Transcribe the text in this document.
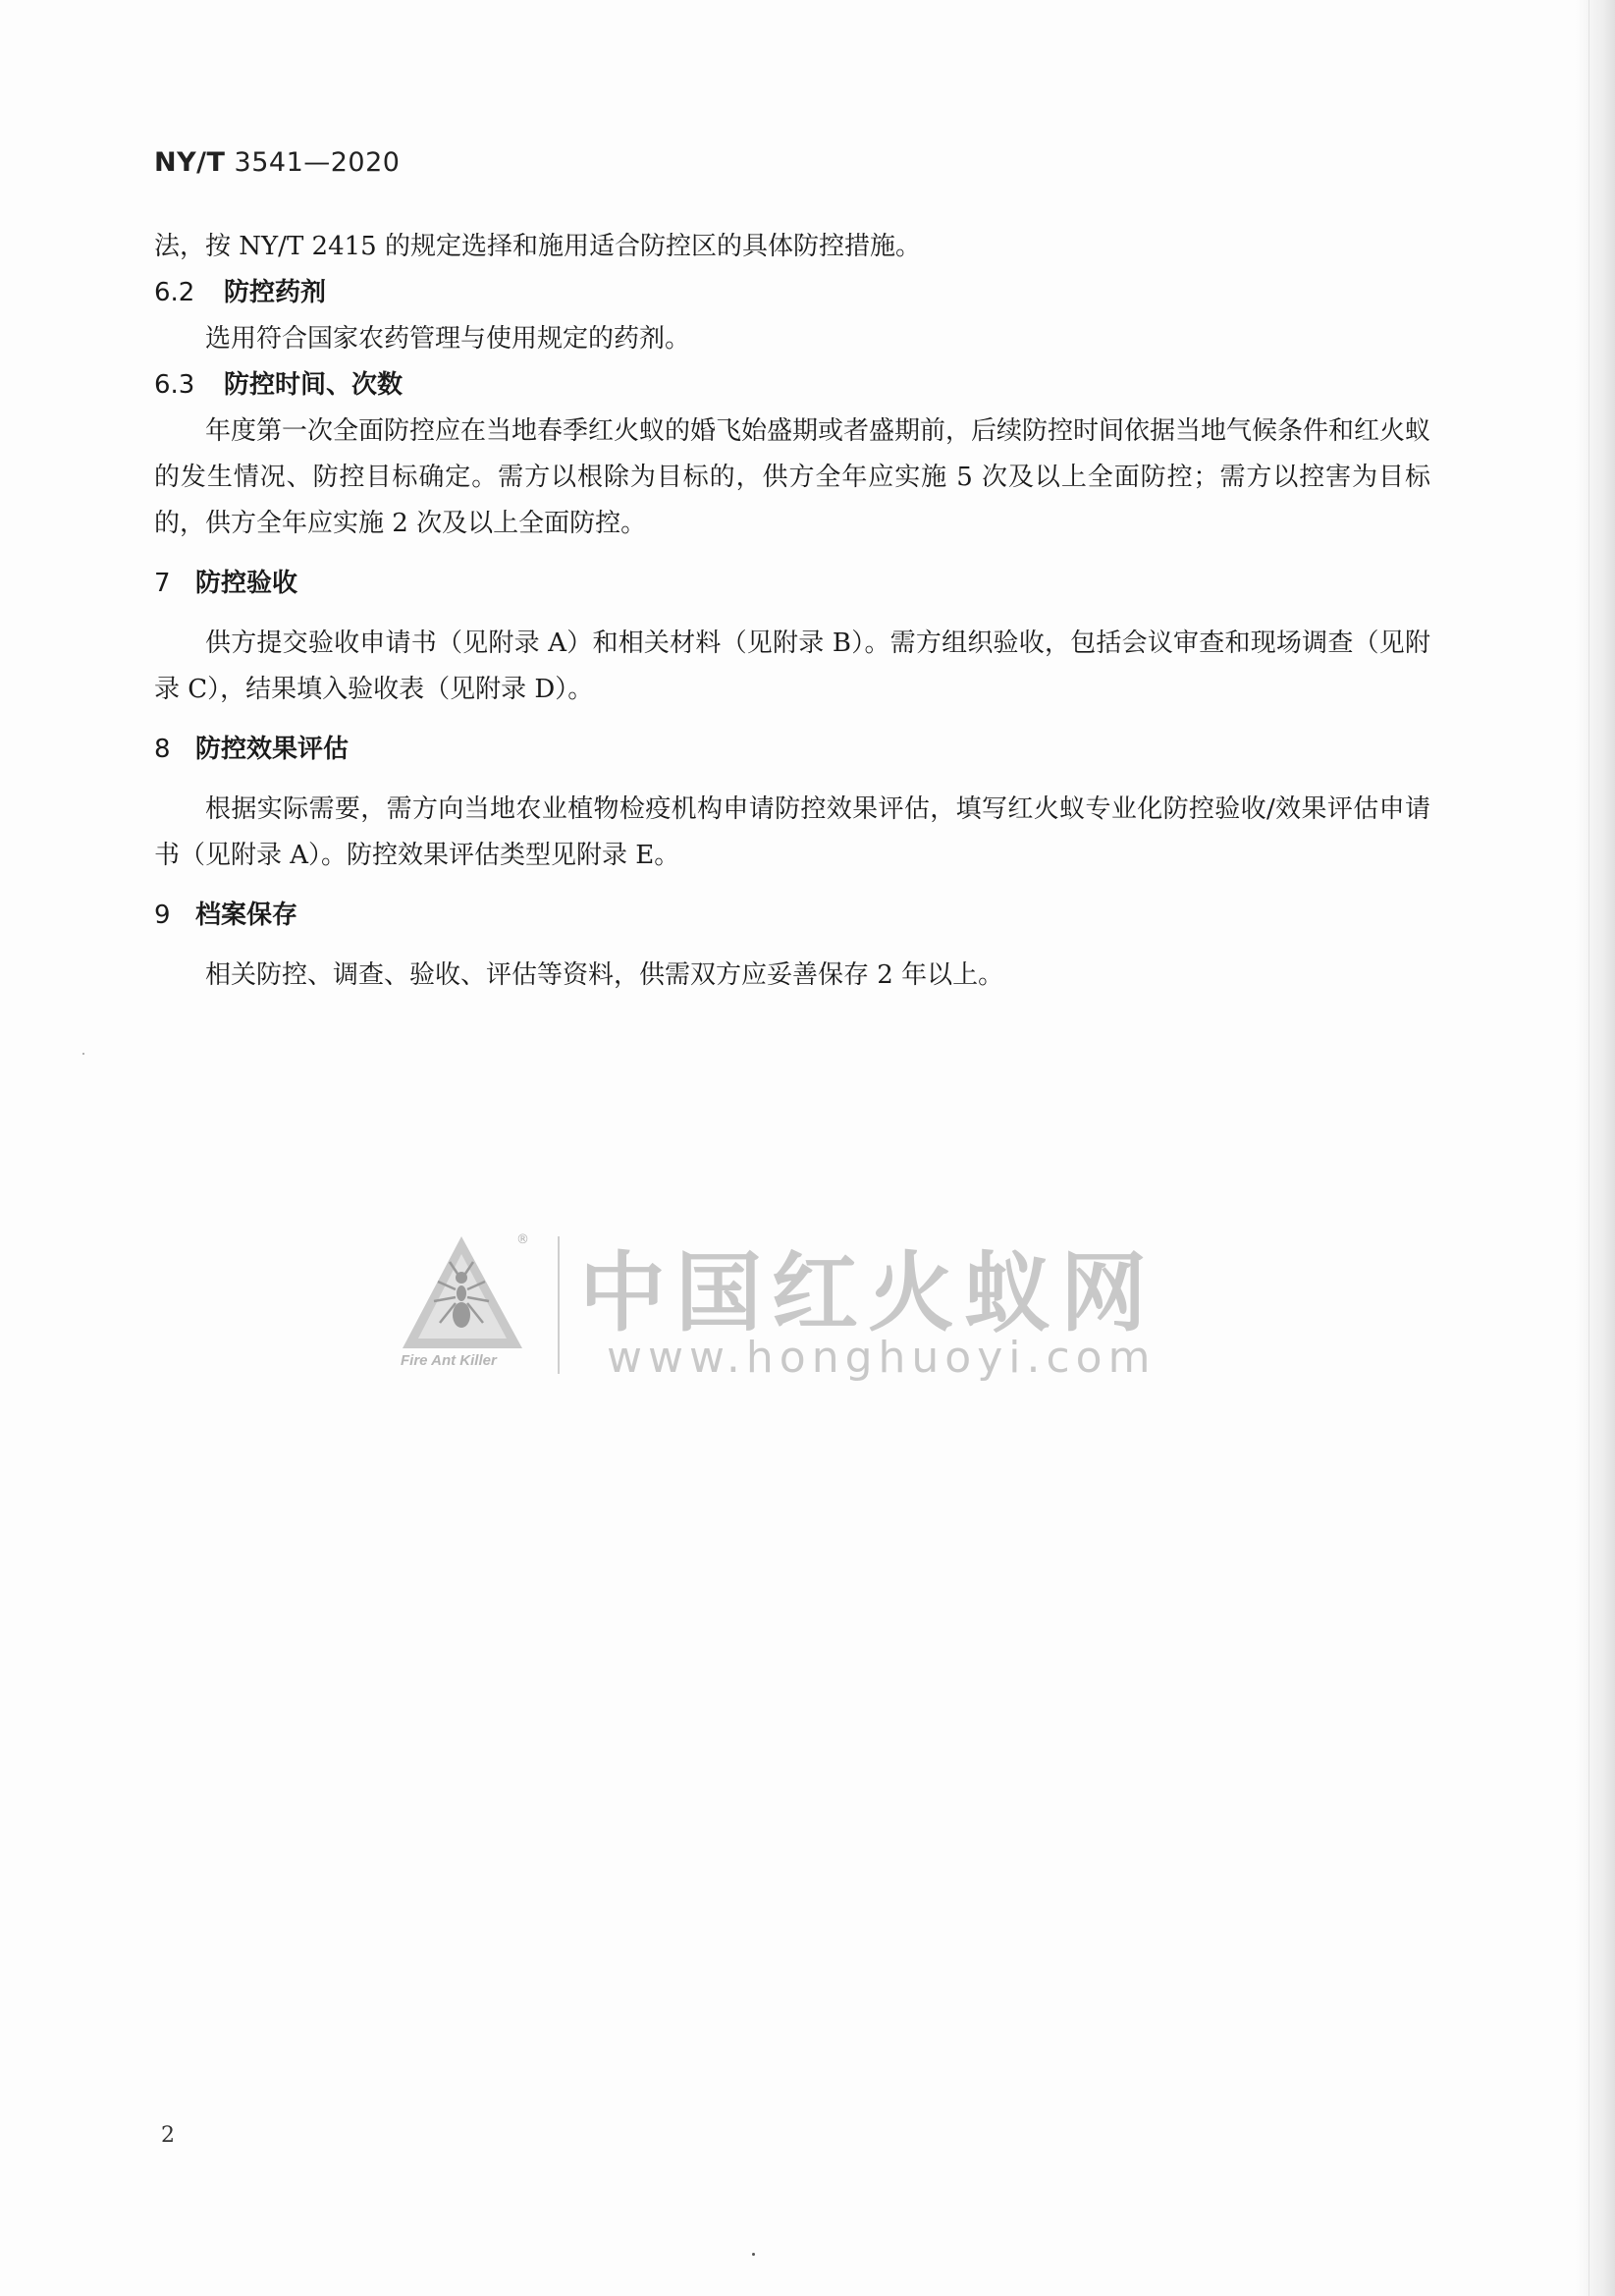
NY/T 3541—2020

法，按 NY/T 2415 的规定选择和施用适合防控区的具体防控措施。

6.2	防控药剂

选用符合国家农药管理与使用规定的药剂。

6.3	防控时间、次数

年度第一次全面防控应在当地春季红火蚁的婚飞始盛期或者盛期前，后续防控时间依据当地气候条件和红火蚁的发生情况、防控目标确定。需方以根除为目标的，供方全年应实施 5 次及以上全面防控；需方以控害为目标的，供方全年应实施 2 次及以上全面防控。

7 防控验收

供方提交验收申请书（见附录 A）和相关材料（见附录 B）。需方组织验收，包括会议审查和现场调查（见附录 C），结果填入验收表（见附录 D）。

8 防控效果评估

根据实际需要，需方向当地农业植物检疫机构申请防控效果评估，填写红火蚁专业化防控验收/效果评估申请书（见附录 A）。防控效果评估类型见附录 E。

9 档案保存

相关防控、调查、验收、评估等资料，供需双方应妥善保存 2 年以上。

®
中国红火蚁网
www.honghuoyi.com
Fire Ant Killer
2
